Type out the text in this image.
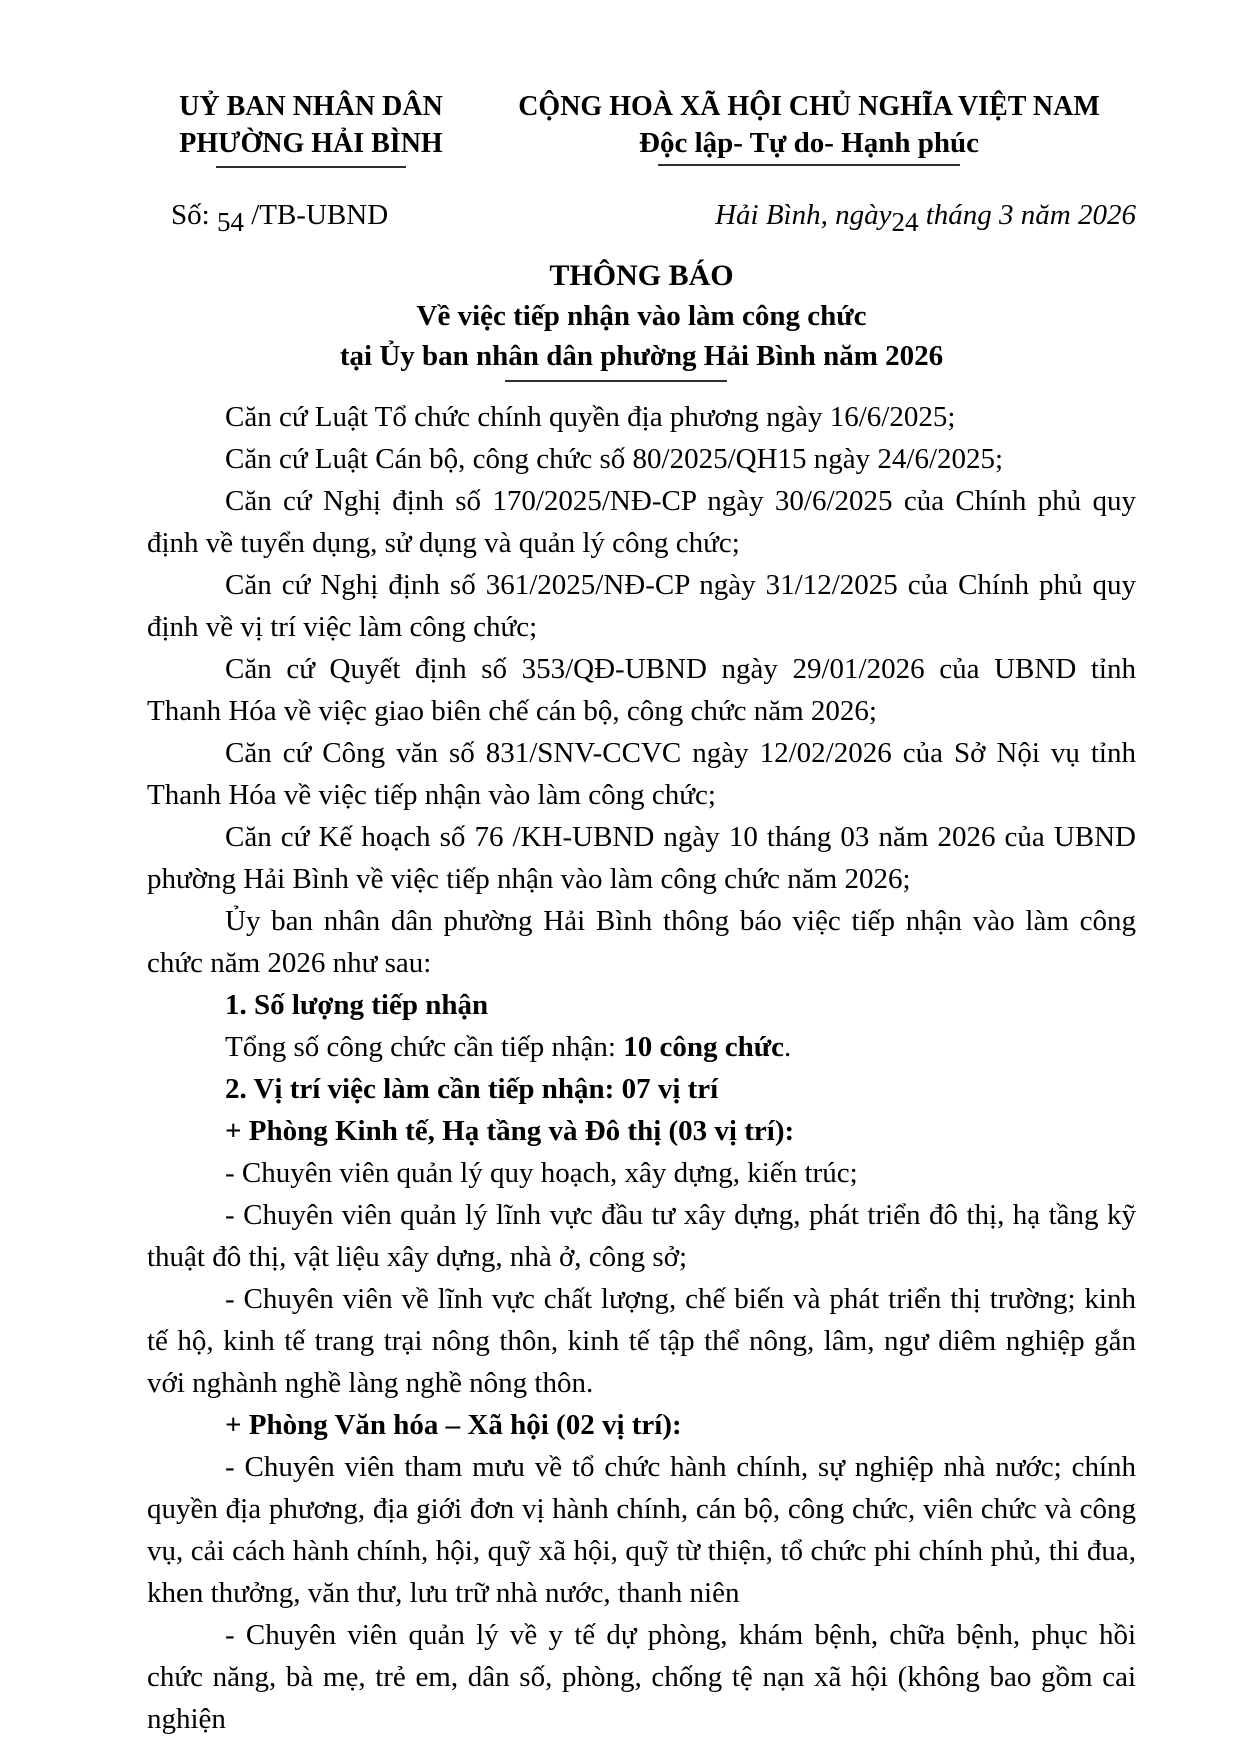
UỶ BAN NHÂN DÂN
PHƯỜNG HẢI BÌNH
CỘNG HOÀ XÃ HỘI CHỦ NGHĨA VIỆT NAM
Độc lập- Tự do- Hạnh phúc
Số: 54 /TB-UBND	Hải Bình, ngày24 tháng 3 năm 2026
THÔNG BÁO
Về việc tiếp nhận vào làm công chức
tại Ủy ban nhân dân phường Hải Bình năm 2026

Căn cứ Luật Tổ chức chính quyền địa phương ngày 16/6/2025;

Căn cứ Luật Cán bộ, công chức số 80/2025/QH15 ngày 24/6/2025;

Căn cứ Nghị định số 170/2025/NĐ-CP ngày 30/6/2025 của Chính phủ quy định về tuyển dụng, sử dụng và quản lý công chức;

Căn cứ Nghị định số 361/2025/NĐ-CP ngày 31/12/2025 của Chính phủ quy định về vị trí việc làm công chức;

Căn cứ Quyết định số 353/QĐ-UBND ngày 29/01/2026 của UBND tỉnh Thanh Hóa về việc giao biên chế cán bộ, công chức năm 2026;

Căn cứ Công văn số 831/SNV-CCVC ngày 12/02/2026 của Sở Nội vụ tỉnh Thanh Hóa về việc tiếp nhận vào làm công chức;

Căn cứ Kế hoạch số 76 /KH-UBND ngày 10 tháng 03 năm 2026 của UBND phường Hải Bình về việc tiếp nhận vào làm công chức năm 2026;

Ủy ban nhân dân phường Hải Bình thông báo việc tiếp nhận vào làm công chức năm 2026 như sau:

1. Số lượng tiếp nhận

Tổng số công chức cần tiếp nhận: 10 công chức.

2. Vị trí việc làm cần tiếp nhận: 07 vị trí

+ Phòng Kinh tế, Hạ tầng và Đô thị (03 vị trí):

- Chuyên viên quản lý quy hoạch, xây dựng, kiến trúc;

- Chuyên viên quản lý lĩnh vực đầu tư xây dựng, phát triển đô thị, hạ tầng kỹ thuật đô thị, vật liệu xây dựng, nhà ở, công sở;

- Chuyên viên về lĩnh vực chất lượng, chế biến và phát triển thị trường; kinh tế hộ, kinh tế trang trại nông thôn, kinh tế tập thể nông, lâm, ngư diêm nghiệp gắn với nghành nghề làng nghề nông thôn.

+ Phòng Văn hóa – Xã hội (02 vị trí):

- Chuyên viên tham mưu về tổ chức hành chính, sự nghiệp nhà nước; chính quyền địa phương, địa giới đơn vị hành chính, cán bộ, công chức, viên chức và công vụ, cải cách hành chính, hội, quỹ xã hội, quỹ từ thiện, tổ chức phi chính phủ, thi đua, khen thưởng, văn thư, lưu trữ nhà nước, thanh niên

- Chuyên viên quản lý về y tế dự phòng, khám bệnh, chữa bệnh, phục hồi chức năng, bà mẹ, trẻ em, dân số, phòng, chống tệ nạn xã hội (không bao gồm cai nghiện
